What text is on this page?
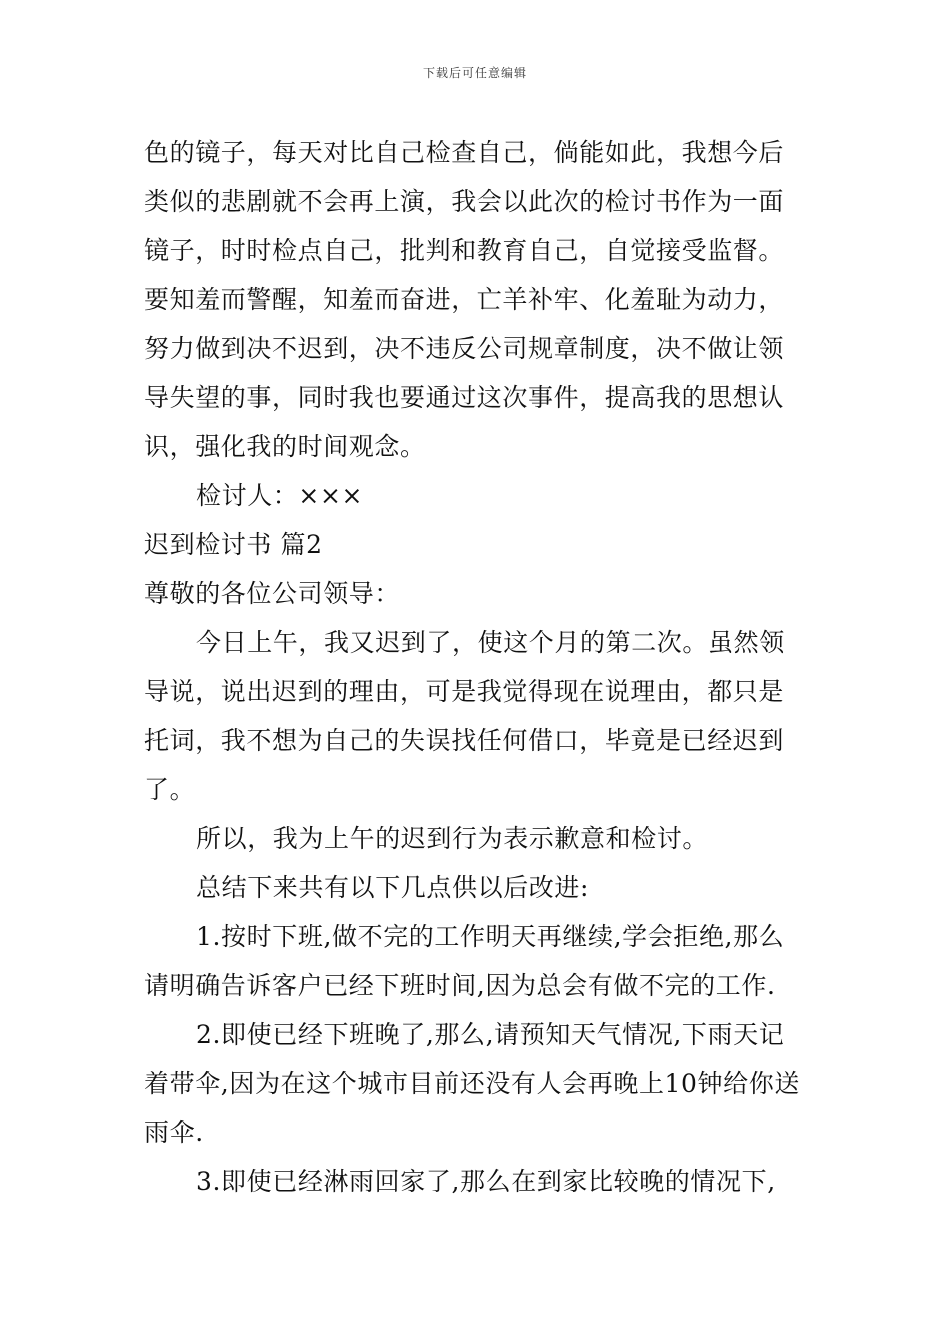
下载后可任意编辑
色的镜子，每天对比自己检查自己，倘能如此，我想今后
类似的悲剧就不会再上演，我会以此次的检讨书作为一面
镜子，时时检点自己，批判和教育自己，自觉接受监督。
要知羞而警醒，知羞而奋进，亡羊补牢、化羞耻为动力，
努力做到决不迟到，决不违反公司规章制度，决不做让领
导失望的事，同时我也要通过这次事件，提高我的思想认
识，强化我的时间观念。
检讨人：×××
迟到检讨书 篇2
尊敬的各位公司领导：
今日上午，我又迟到了，使这个月的第二次。虽然领
导说，说出迟到的理由，可是我觉得现在说理由，都只是
托词，我不想为自己的失误找任何借口，毕竟是已经迟到
了。
所以，我为上午的迟到行为表示歉意和检讨。
总结下来共有以下几点供以后改进:
1.按时下班,做不完的工作明天再继续,学会拒绝,那么
请明确告诉客户已经下班时间,因为总会有做不完的工作.
2.即使已经下班晚了,那么,请预知天气情况,下雨天记
着带伞,因为在这个城市目前还没有人会再晚上10钟给你送
雨伞.
3.即使已经淋雨回家了,那么在到家比较晚的情况下,
